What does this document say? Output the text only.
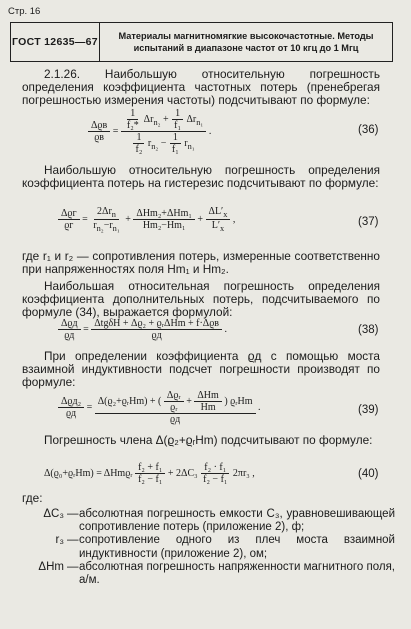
Стр. 16
ГОСТ 12635—67 Материалы магнитномягкие высокочастотные. Методы
испытаний в диапазоне частот от 10 кгц до 1 Мгц
2.1.26. Наибольшую относительную погрешность определения коэффициента частотных потерь (пренебрегая погрешностью измерения частоты) подсчитывают по формуле:
$\frac{\text{Δϱв}}{ϱв} = \frac{\frac{1}{\text{f₂*}} \Delta r_{n_2} + \frac{1}{\text{f₁}} \Delta r_{n_1}}{\frac{1}{\text{f₂}} r_{n_2} - \frac{1}{\text{f₁}} r_{n_1}}$ .	(36)
Наибольшую относительную погрешность определения коэффициента потерь на гистерезис подсчитывают по формуле:
$\frac{\text{Δϱг}}{ϱг} = \frac{2\Delta r_n}{r_{n_2}-r_{n_1}} + \frac{\text{ΔHm₂+ΔHm₁}}{\text{Hm₂−Hm₁}} + \frac{\Delta L'_x}{L'_x}$ ,	(37)
где r₁ и r₂ — сопротивления потерь, измеренные соответственно при напряженностях поля Hm₁ и Hm₂.
Наибольшая относительная погрешность определения коэффициента дополнительных потерь, подсчитываемого по формуле (34), выражается формулой:
$\frac{\text{Δϱд}}{ϱд} = \frac{\text{ΔtgδH + Δϱ₂ + ϱᵣΔHm + f·Δϱв}}{ϱд}$ .	(38)
При определении коэффициента ϱд с помощью моста взаимной индуктивности подсчет погрешности производят по формуле:
$\frac{\text{Δϱд₂}}{ϱд} = \frac{\Delta(ϱ_2+ϱᵣHm) + ( \frac{\text{Δϱᵣ}}{\text{ϱᵣ}} + \frac{\text{ΔHm}}{Hm} ) ϱᵣHm}{ϱд}$ .	(39)
Погрешность члена Δ(ϱ₂+ϱᵣHm) подсчитывают по формуле:
Δ(ϱ₀+ϱᵣHm) = ΔHmϱᵣ $\frac{\text{f₂ + f₁}}{\text{f₂ − f₁}} + 2\Delta C_3 \frac{\text{f₂ · f₁}}{\text{f₂ − f₁}} 2\pi r_3$ ,	(40)
где:
ΔC₃ — абсолютная погрешность емкости C₃, уравновешивающей сопротивление потерь (приложение 2), ф;
r₃ — сопротивление одного из плеч моста взаимной индуктивности (приложение 2), ом;
ΔHm — абсолютная погрешность напряженности магнитного поля, а/м.
